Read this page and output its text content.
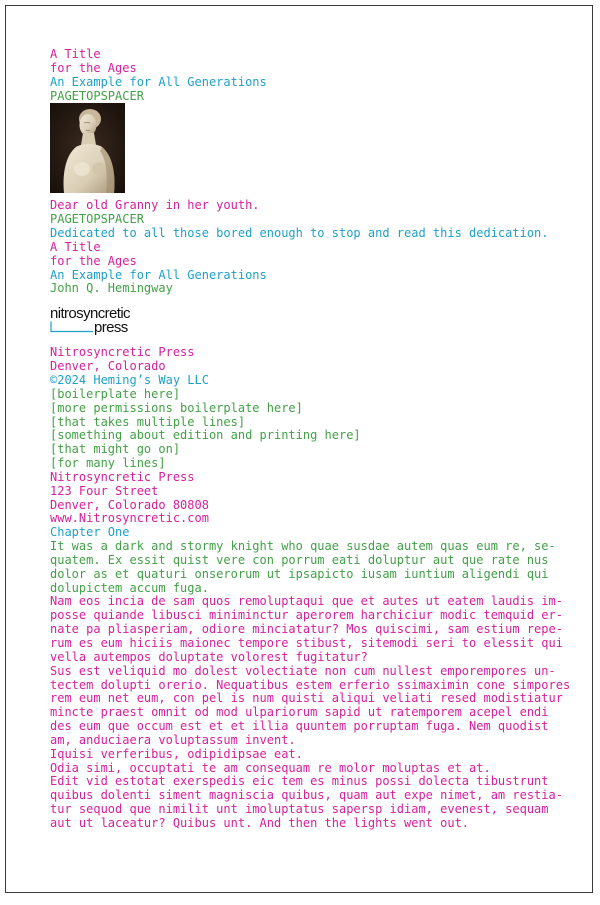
A Title
for the Ages
An Example for All Generations
PAGETOPSPACER
Dear old Granny in her youth.
PAGETOPSPACER
Dedicated to all those bored enough to stop and read this dedication.
A Title
for the Ages
An Example for All Generations
John Q. Hemingway
nitrosyncretic
press
Nitrosyncretic Press
Denver, Colorado
©2024 Heming’s Way LLC
[boilerplate here]
[more permissions boilerplate here]
[that takes multiple lines]
[something about edition and printing here]
[that might go on]
[for many lines]
Nitrosyncretic Press
123 Four Street
Denver, Colorado 80808
www.Nitrosyncretic.com
Chapter One
It was a dark and stormy knight who quae susdae autem quas eum re, se-
quatem. Ex essit quist vere con porrum eati doluptur aut que rate nus
dolor as et quaturi onserorum ut ipsapicto iusam iuntium aligendi qui
dolupictem accum fuga.
Nam eos incia de sam quos remoluptaqui que et autes ut eatem laudis im-
posse quiande libusci miniminctur aperorem harchiciur modic temquid er-
nate pa pliasperiam, odiore minciatatur? Mos quiscimi, sam estium repe-
rum es eum hiciis maionec tempore stibust, sitemodi seri to elessit qui
vella autempos doluptate volorest fugitatur?
Sus est veliquid mo dolest volectiate non cum nullest emporempores un-
tectem dolupti orerio. Nequatibus estem erferio ssimaximin cone simpores
rem eum net eum, con pel is num quisti aliqui veliati resed modistiatur
mincte praest omnit od mod ulpariorum sapid ut ratemporem acepel endi
des eum que occum est et et illia quuntem porruptam fuga. Nem quodist
am, anduciaera voluptassum invent.
Iquisi verferibus, odipidipsae eat.
Odia simi, occuptati te am consequam re molor moluptas et at.
Edit vid estotat exerspedis eic tem es minus possi dolecta tibustrunt
quibus dolenti siment magniscia quibus, quam aut expe nimet, am restia-
tur sequod que nimilit unt imoluptatus sapersp idiam, evenest, sequam
aut ut laceatur? Quibus unt. And then the lights went out.
